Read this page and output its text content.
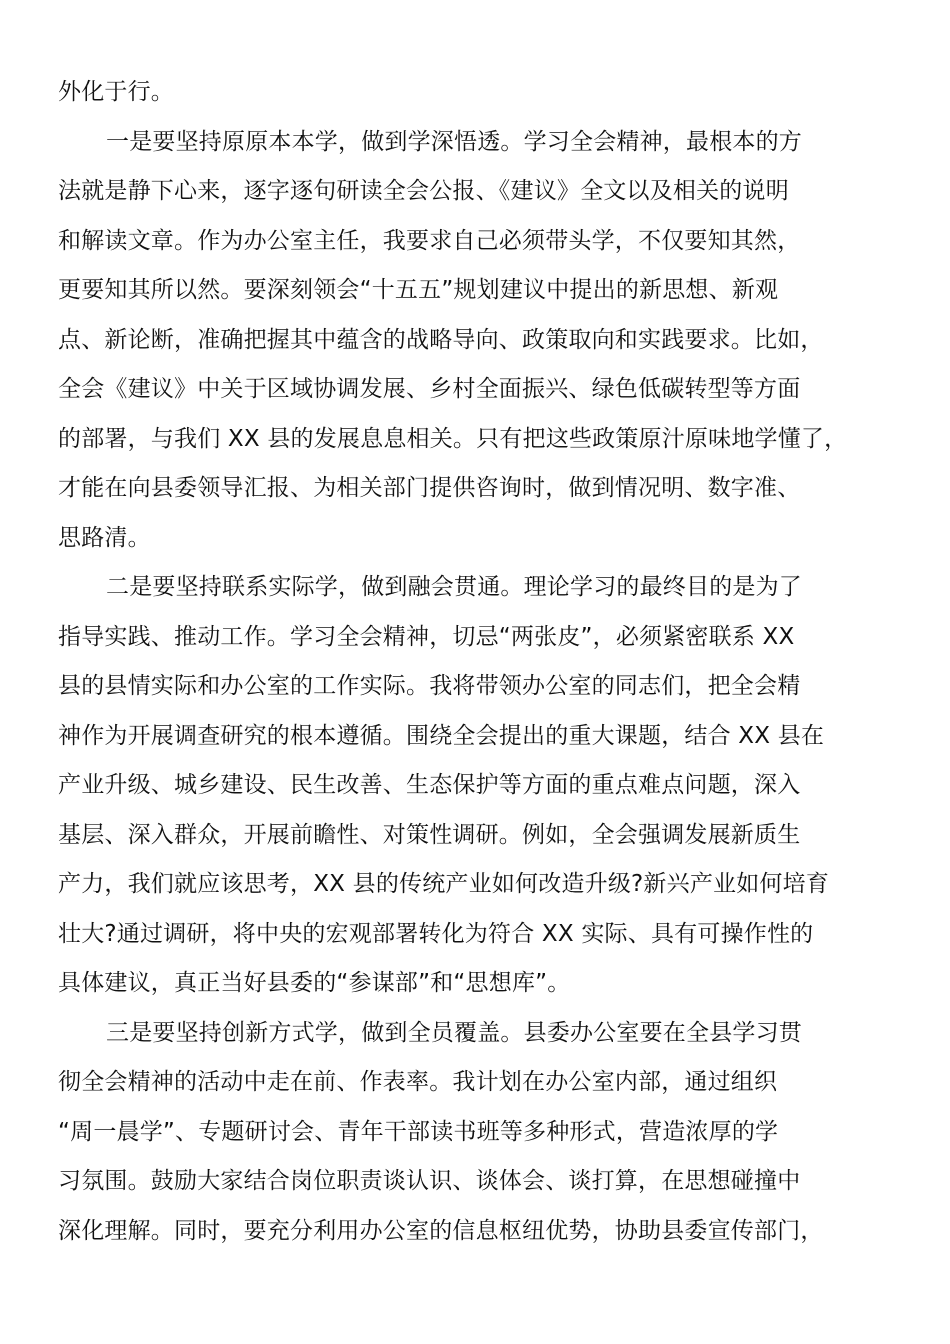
外化于行。
一是要坚持原原本本学，做到学深悟透。学习全会精神，最根本的方
法就是静下心来，逐字逐句研读全会公报、《建议》全文以及相关的说明
和解读文章。作为办公室主任，我要求自己必须带头学，不仅要知其然，
更要知其所以然。要深刻领会“十五五”规划建议中提出的新思想、新观
点、新论断，准确把握其中蕴含的战略导向、政策取向和实践要求。比如，
全会《建议》中关于区域协调发展、乡村全面振兴、绿色低碳转型等方面
的部署，与我们 XX 县的发展息息相关。只有把这些政策原汁原味地学懂了，
才能在向县委领导汇报、为相关部门提供咨询时，做到情况明、数字准、
思路清。
二是要坚持联系实际学，做到融会贯通。理论学习的最终目的是为了
指导实践、推动工作。学习全会精神，切忌“两张皮”，必须紧密联系 XX
县的县情实际和办公室的工作实际。我将带领办公室的同志们，把全会精
神作为开展调查研究的根本遵循。围绕全会提出的重大课题，结合 XX 县在
产业升级、城乡建设、民生改善、生态保护等方面的重点难点问题，深入
基层、深入群众，开展前瞻性、对策性调研。例如，全会强调发展新质生
产力，我们就应该思考，XX 县的传统产业如何改造升级?新兴产业如何培育
壮大?通过调研，将中央的宏观部署转化为符合 XX 实际、具有可操作性的
具体建议，真正当好县委的“参谋部”和“思想库”。
三是要坚持创新方式学，做到全员覆盖。县委办公室要在全县学习贯
彻全会精神的活动中走在前、作表率。我计划在办公室内部，通过组织
“周一晨学”、专题研讨会、青年干部读书班等多种形式，营造浓厚的学
习氛围。鼓励大家结合岗位职责谈认识、谈体会、谈打算，在思想碰撞中
深化理解。同时，要充分利用办公室的信息枢纽优势，协助县委宣传部门，
